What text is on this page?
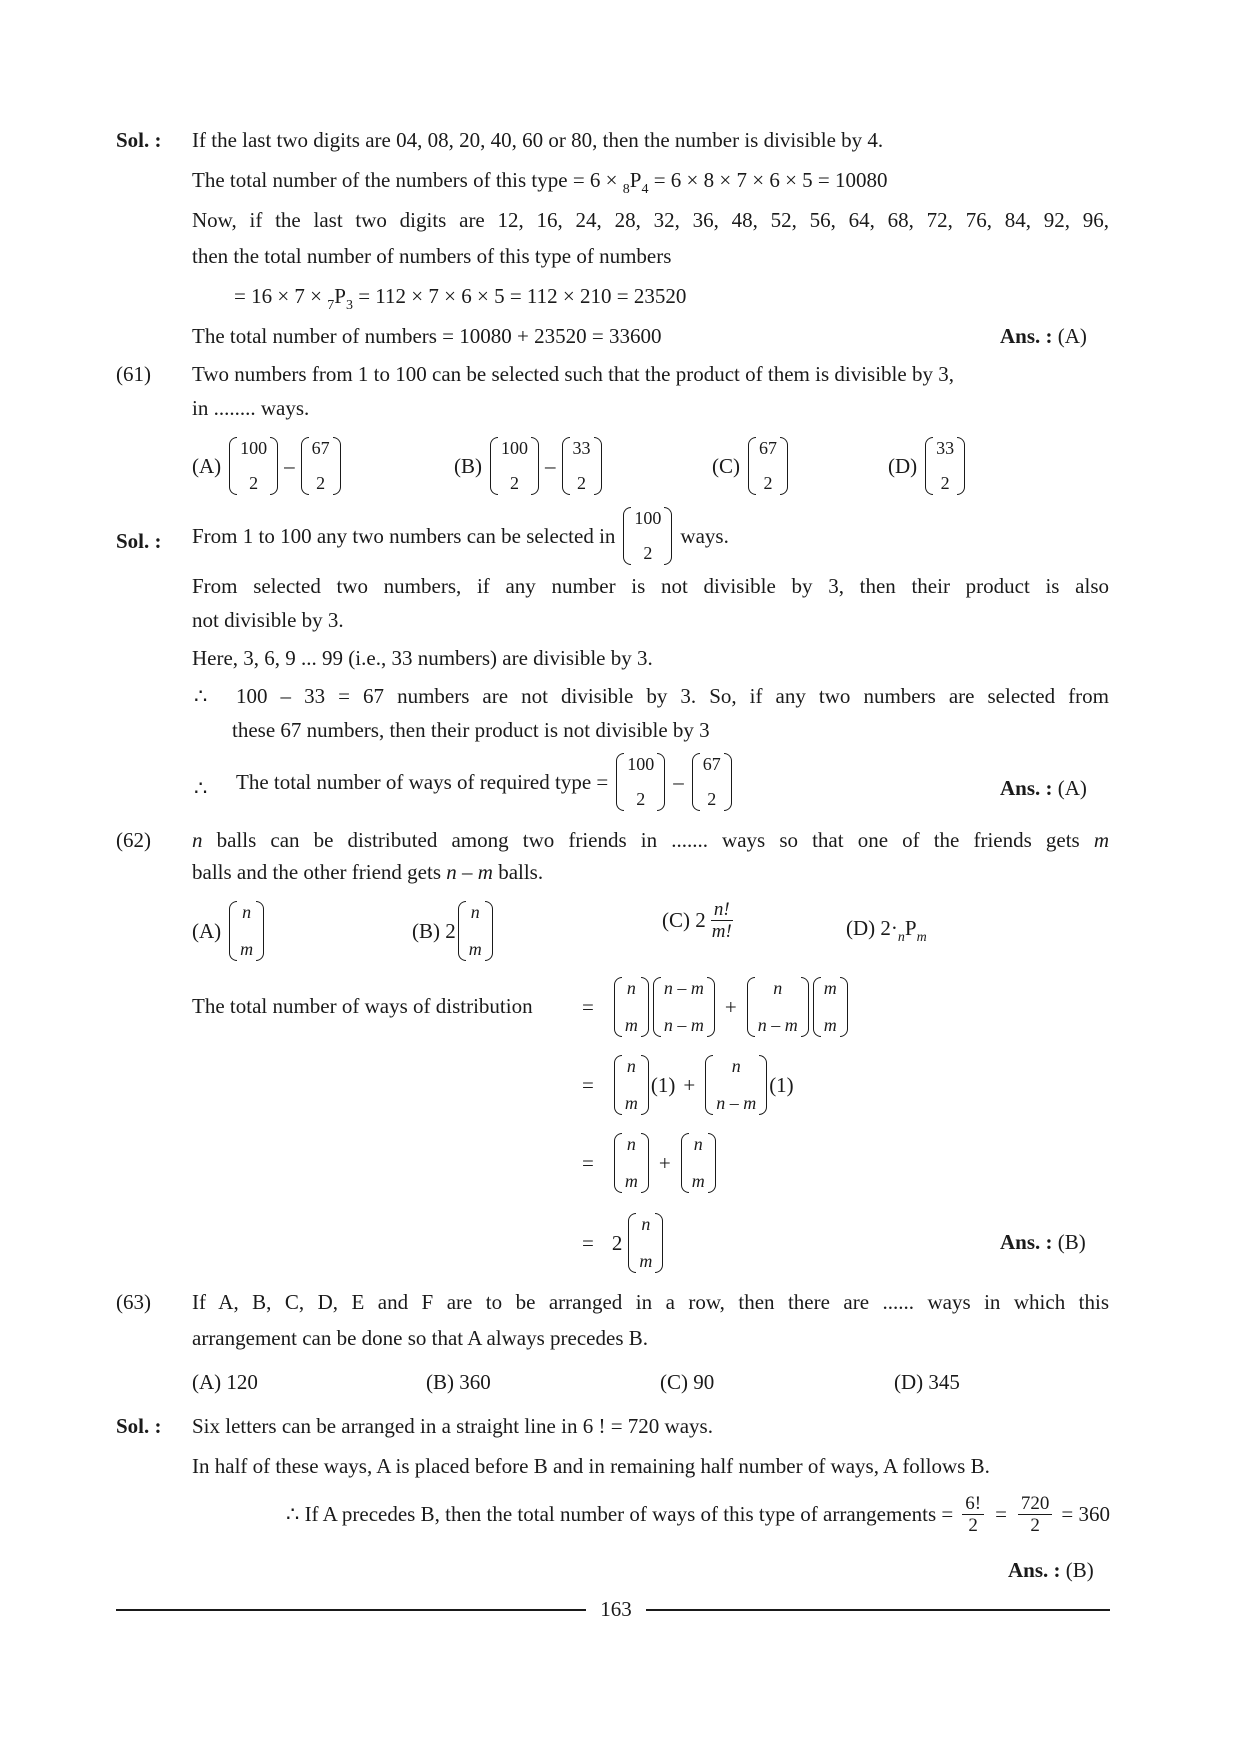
Sol. : If the last two digits are 04, 08, 20, 40, 60 or 80, then the number is divisible by 4.
The total number of the numbers of this type = $6 \times _8P_4 = 6 \times 8 \times 7 \times 6 \times 5 = 10080$
Now, if the last two digits are 12, 16, 24, 28, 32, 36, 48, 52, 56, 64, 68, 72, 76, 84, 92, 96,
then the total number of numbers of this type of numbers
= $16 \times 7 \times _7P_3 = 112 \times 7 \times 6 \times 5 = 112 \times 210 = 23520$
The total number of numbers = 10080 + 23520 = 33600	Ans. : (A)
(61) Two numbers from 1 to 100 can be selected such that the product of them is divisible by 3,
in ........ ways.
(A)
100
2
–
67
2
(B)
100
2
–
33
2
(C)
67
2
(D)
33
2
Sol. : From 1 to 100 any two numbers can be selected in
100
2
ways.
From selected two numbers, if any number is not divisible by 3, then their product is also
not divisible by 3.
Here, 3, 6, 9 ... 99 (i.e., 33 numbers) are divisible by 3.
∴ 100 – 33 = 67 numbers are not divisible by 3. So, if any two numbers are selected from
these 67 numbers, then their product is not divisible by 3
∴ The total number of ways of required type =
100
2
–
67
2	Ans. : (A)
(62) n balls can be distributed among two friends in ....... ways so that one of the friends gets m
balls and the other friend gets n – m balls.
(A)
n
m
(B) 2
n
m
(C) $2 \frac{n!}{m!}$	(D) $2\cdot_nP_m$
The total number of ways of distribution =
n
m
n – m
n – m
+
n
n – m
m
m
=
n
m
(1) +
n
n – m
(1)
=
n
m
+
n
m
= 2
n
m
Ans. : (B)
(63) If A, B, C, D, E and F are to be arranged in a row, then there are ...... ways in which this
arrangement can be done so that A always precedes B.
(A) 120	(B) 360	(C) 90	(D) 345
Sol. : Six letters can be arranged in a straight line in 6 ! = 720 ways.
In half of these ways, A is placed before B and in remaining half number of ways, A follows B.
∴ If A precedes B, then the total number of ways of this type of arrangements = $\frac{6!}{2} = \frac{720}{2} = 360$
Ans. : (B)
163
